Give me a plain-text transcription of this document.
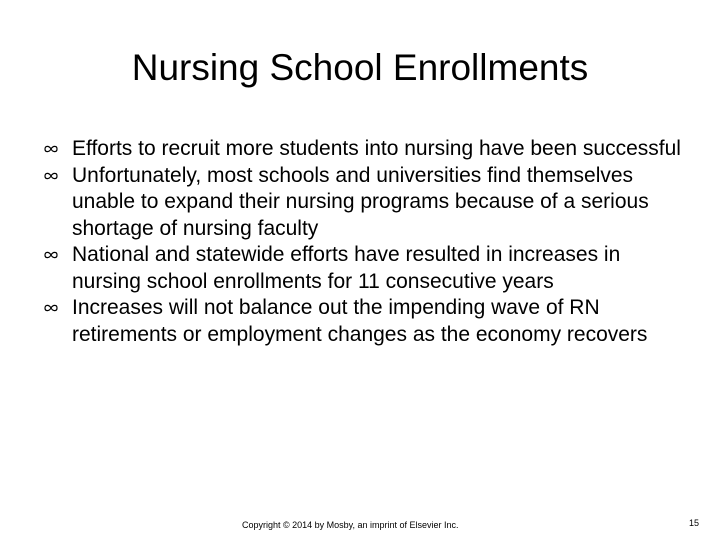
Nursing School Enrollments
Efforts to recruit more students into nursing have been successful
Unfortunately, most schools and universities find themselves unable to expand their nursing programs because of a serious shortage of nursing faculty
National and statewide efforts have resulted in increases in nursing school enrollments for 11 consecutive years
Increases will not balance out the impending wave of RN retirements or employment changes as the economy recovers
Copyright © 2014 by Mosby, an imprint of Elsevier Inc.	15
